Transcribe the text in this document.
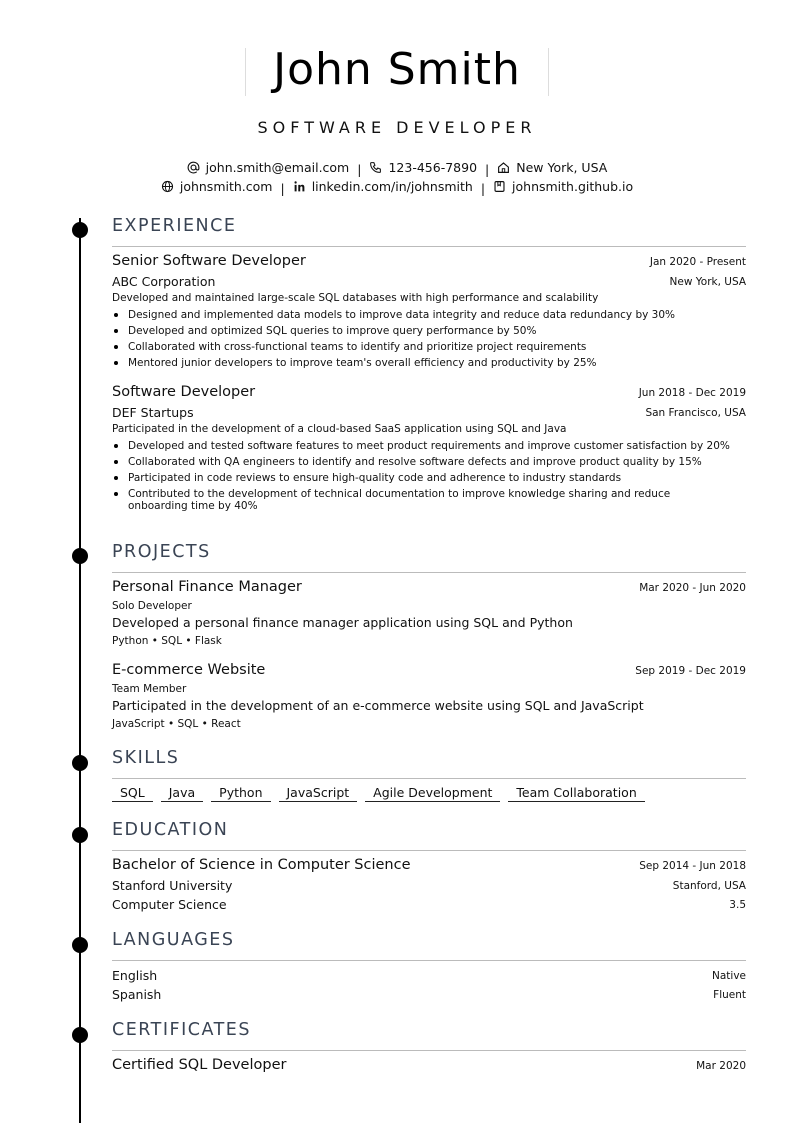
John Smith
SOFTWARE DEVELOPER
john.smith@email.com | 123-456-7890 | New York, USA
johnsmith.com | linkedin.com/in/johnsmith | johnsmith.github.io
EXPERIENCE
Senior Software Developer	Jan 2020 - Present
ABC Corporation	New York, USA
Developed and maintained large-scale SQL databases with high performance and scalability
Designed and implemented data models to improve data integrity and reduce data redundancy by 30%
Developed and optimized SQL queries to improve query performance by 50%
Collaborated with cross-functional teams to identify and prioritize project requirements
Mentored junior developers to improve team's overall efficiency and productivity by 25%
Software Developer	Jun 2018 - Dec 2019
DEF Startups	San Francisco, USA
Participated in the development of a cloud-based SaaS application using SQL and Java
Developed and tested software features to meet product requirements and improve customer satisfaction by 20%
Collaborated with QA engineers to identify and resolve software defects and improve product quality by 15%
Participated in code reviews to ensure high-quality code and adherence to industry standards
Contributed to the development of technical documentation to improve knowledge sharing and reduce onboarding time by 40%
PROJECTS
Personal Finance Manager	Mar 2020 - Jun 2020
Solo Developer
Developed a personal finance manager application using SQL and Python
Python • SQL • Flask
E-commerce Website	Sep 2019 - Dec 2019
Team Member
Participated in the development of an e-commerce website using SQL and JavaScript
JavaScript • SQL • React
SKILLS
SQL	Java	Python	JavaScript	Agile Development	Team Collaboration
EDUCATION
Bachelor of Science in Computer Science	Sep 2014 - Jun 2018
Stanford University	Stanford, USA
Computer Science	3.5
LANGUAGES
English	Native
Spanish	Fluent
CERTIFICATES
Certified SQL Developer	Mar 2020
